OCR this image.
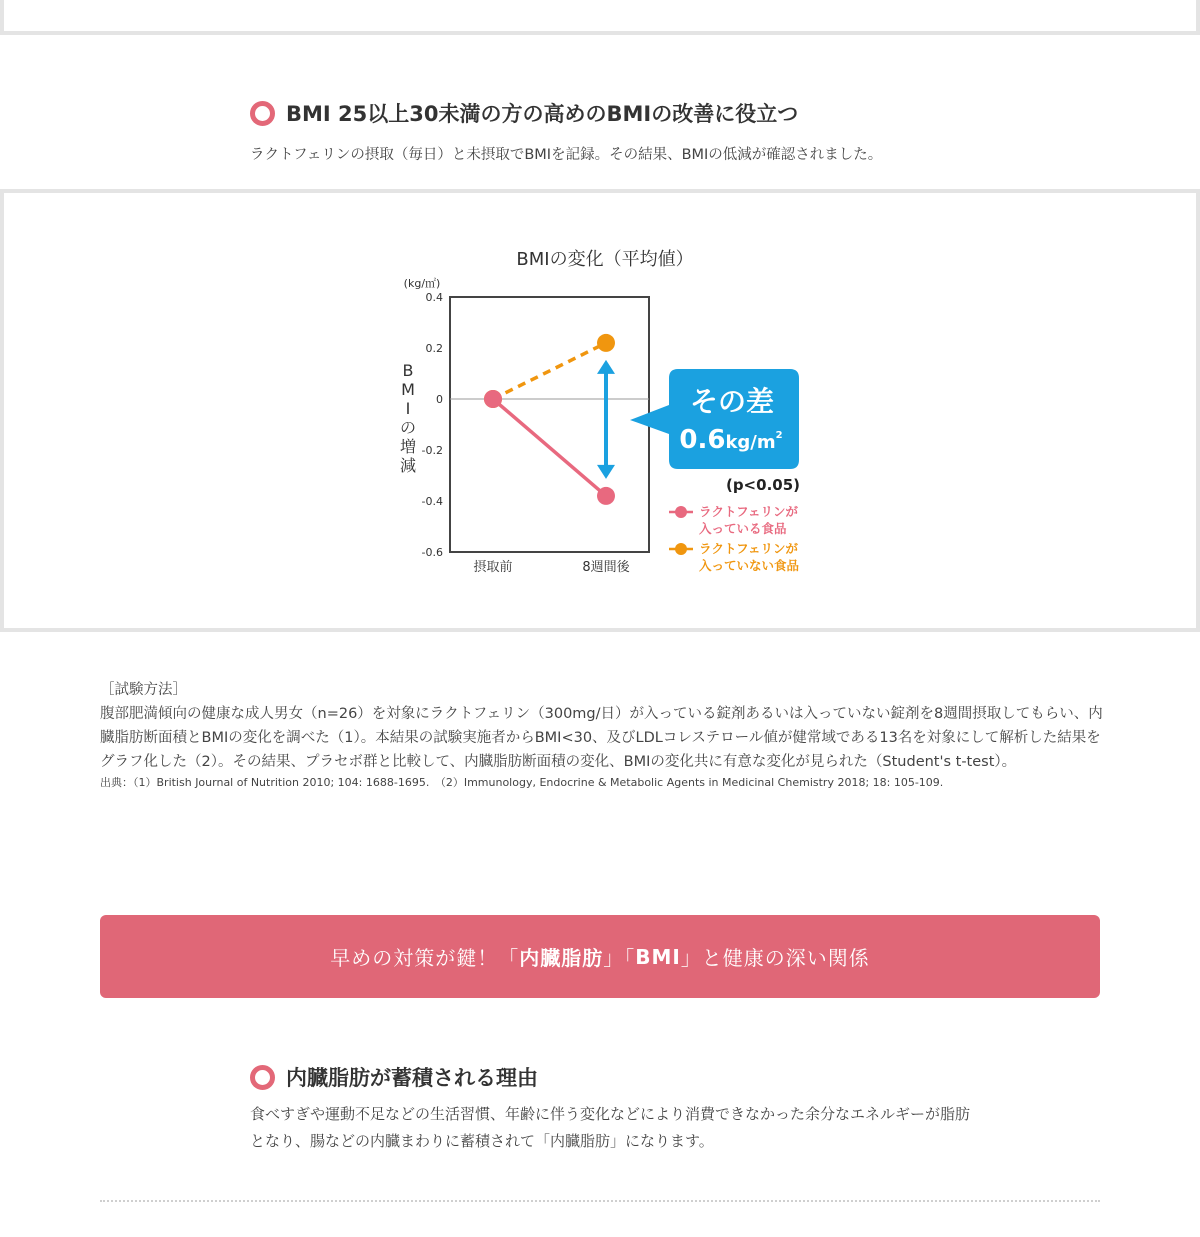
BMI 25以上30未満の方の高めのBMIの改善に役立つ
ラクトフェリンの摂取（毎日）と未摂取でBMIを記録。その結果、BMIの低減が確認されました。
BMIの変化（平均値）
(kg/㎡)
B
M
I
の
増
減
0.4
0.2
0
-0.2
-0.4
-0.6
摂取前	8週間後
その差
$0.6kg/m^2$
(p<0.05)
ラクトフェリンが
入っている食品
ラクトフェリンが
入っていない食品

［試験方法］

腹部肥満傾向の健康な成人男女（n=26）を対象にラクトフェリン（300mg/日）が入っている錠剤あるいは入っていない錠剤を8週間摂取してもらい、内臓脂肪断面積とBMIの変化を調べた（1）。本結果の試験実施者からBMI<30、及びLDLコレステロール値が健常域である13名を対象にして解析した結果をグラフ化した（2）。その結果、プラセボ群と比較して、内臓脂肪断面積の変化、BMIの変化共に有意な変化が見られた（Student's t-test）。

出典：（1）British Journal of Nutrition 2010; 104: 1688-1695.　（2）Immunology, Endocrine & Metabolic Agents in Medicinal Chemistry 2018; 18: 105-109.

早めの対策が鍵！「 内臓脂肪 」「 BMI 」と健康の深い関係
内臓脂肪が蓄積される理由
食べすぎや運動不足などの生活習慣、年齢に伴う変化などにより消費できなかった余分なエネルギーが脂肪となり、腸などの内臓まわりに蓄積されて「内臓脂肪」になります。
